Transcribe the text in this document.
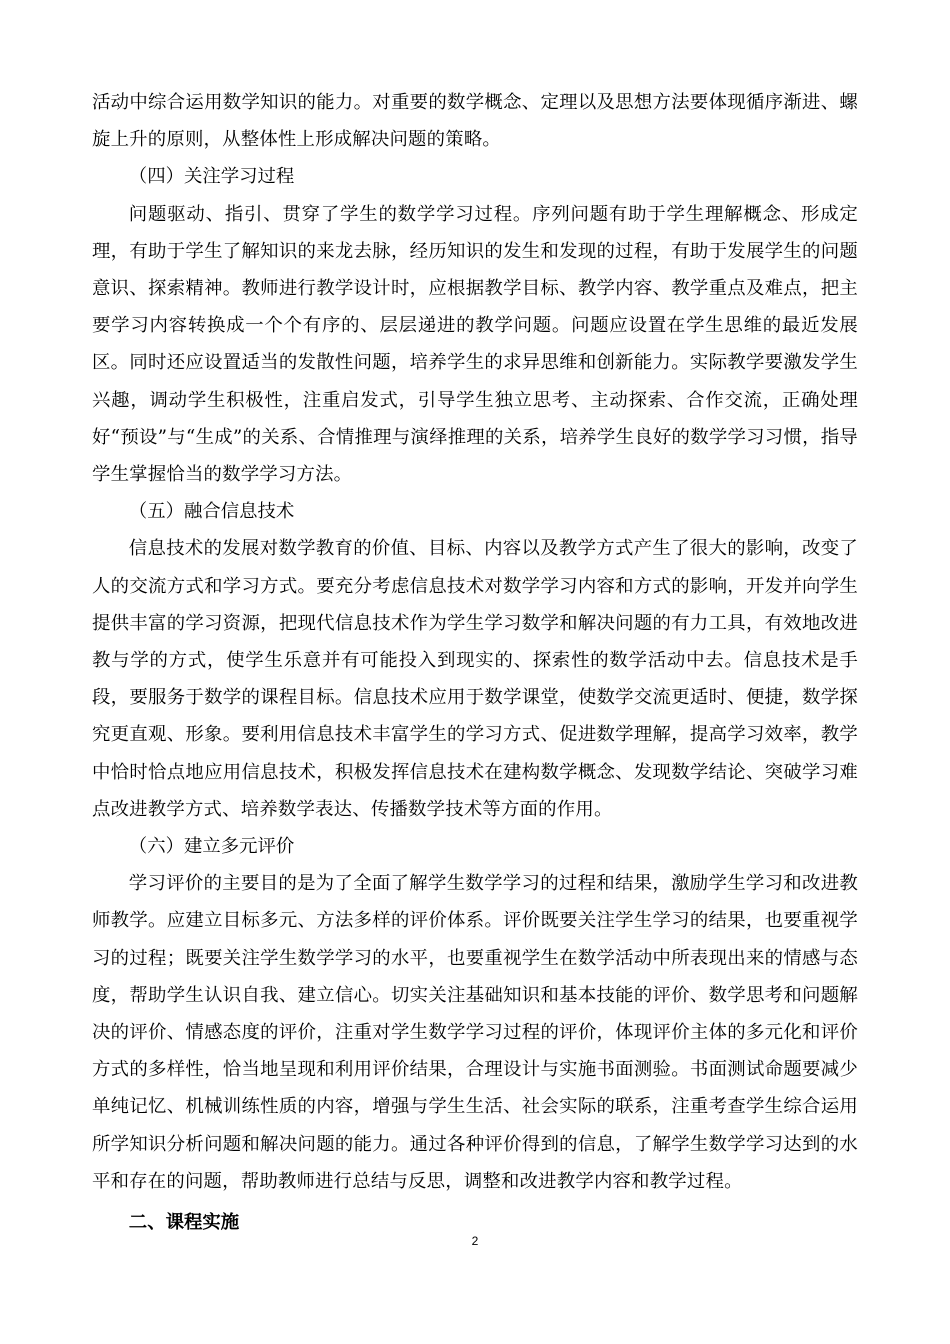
活动中综合运用数学知识的能力。对重要的数学概念、定理以及思想方法要体现循序渐进、螺旋上升的原则，从整体性上形成解决问题的策略。

（四）关注学习过程

问题驱动、指引、贯穿了学生的数学学习过程。序列问题有助于学生理解概念、形成定理，有助于学生了解知识的来龙去脉，经历知识的发生和发现的过程，有助于发展学生的问题意识、探索精神。教师进行教学设计时，应根据教学目标、教学内容、教学重点及难点，把主要学习内容转换成一个个有序的、层层递进的教学问题。问题应设置在学生思维的最近发展区。同时还应设置适当的发散性问题，培养学生的求异思维和创新能力。实际教学要激发学生兴趣，调动学生积极性，注重启发式，引导学生独立思考、主动探索、合作交流，正确处理好“预设”与“生成”的关系、合情推理与演绎推理的关系，培养学生良好的数学学习习惯，指导学生掌握恰当的数学学习方法。

（五）融合信息技术

信息技术的发展对数学教育的价值、目标、内容以及教学方式产生了很大的影响，改变了人的交流方式和学习方式。要充分考虑信息技术对数学学习内容和方式的影响，开发并向学生提供丰富的学习资源，把现代信息技术作为学生学习数学和解决问题的有力工具，有效地改进教与学的方式，使学生乐意并有可能投入到现实的、探索性的数学活动中去。信息技术是手段，要服务于数学的课程目标。信息技术应用于数学课堂，使数学交流更适时、便捷，数学探究更直观、形象。要利用信息技术丰富学生的学习方式、促进数学理解，提高学习效率，教学中恰时恰点地应用信息技术，积极发挥信息技术在建构数学概念、发现数学结论、突破学习难点改进教学方式、培养数学表达、传播数学技术等方面的作用。

（六）建立多元评价

学习评价的主要目的是为了全面了解学生数学学习的过程和结果，激励学生学习和改进教师教学。应建立目标多元、方法多样的评价体系。评价既要关注学生学习的结果，也要重视学习的过程；既要关注学生数学学习的水平，也要重视学生在数学活动中所表现出来的情感与态度，帮助学生认识自我、建立信心。切实关注基础知识和基本技能的评价、数学思考和问题解决的评价、情感态度的评价，注重对学生数学学习过程的评价，体现评价主体的多元化和评价方式的多样性，恰当地呈现和利用评价结果，合理设计与实施书面测验。书面测试命题要减少单纯记忆、机械训练性质的内容，增强与学生生活、社会实际的联系，注重考查学生综合运用所学知识分析问题和解决问题的能力。通过各种评价得到的信息，了解学生数学学习达到的水平和存在的问题，帮助教师进行总结与反思，调整和改进教学内容和教学过程。

二、课程实施

2
